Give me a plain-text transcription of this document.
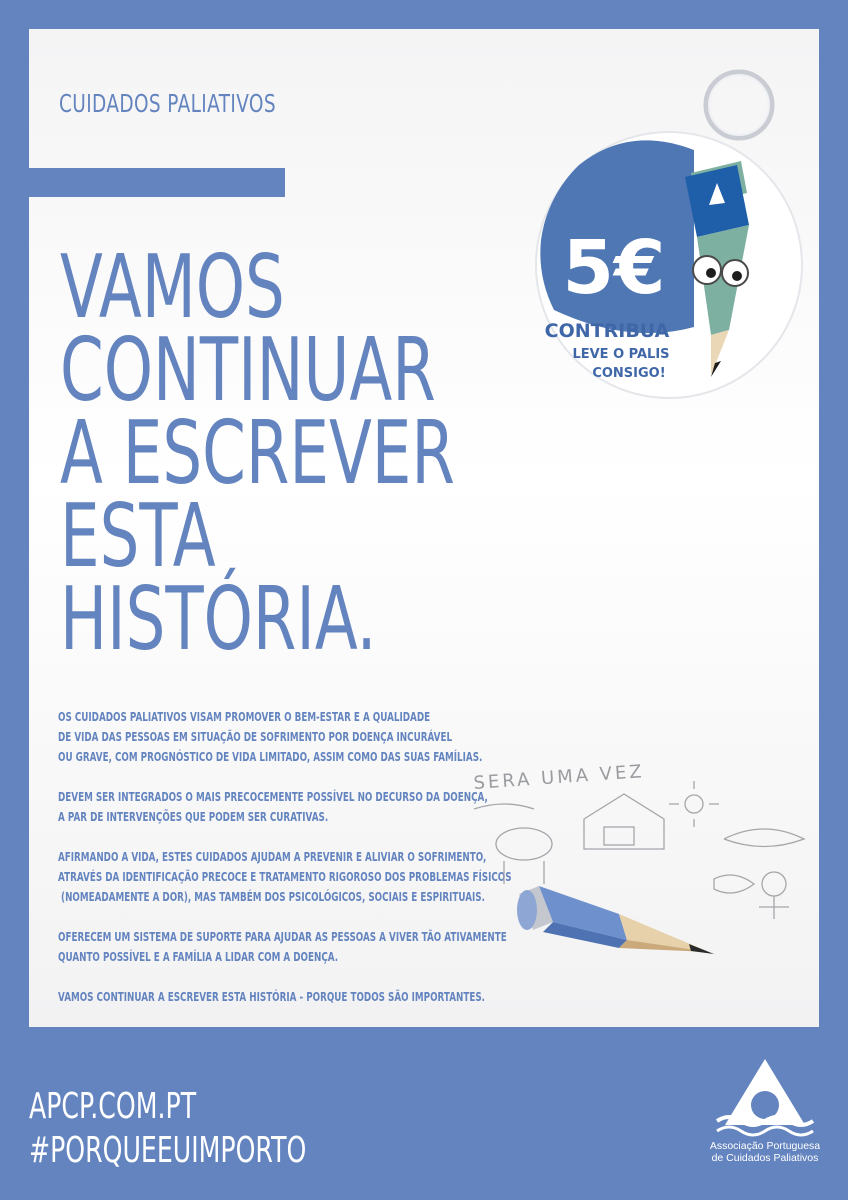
CUIDADOS PALIATIVOS
VAMOS
CONTINUAR
A ESCREVER
ESTA
HISTÓRIA.
5€
CONTRIBUA
LEVE O PALIS
CONSIGO!
OS CUIDADOS PALIATIVOS VISAM PROMOVER O BEM-ESTAR E A QUALIDADE
DE VIDA DAS PESSOAS EM SITUAÇÃO DE SOFRIMENTO POR DOENÇA INCURÁVEL
OU GRAVE, COM PROGNÓSTICO DE VIDA LIMITADO, ASSIM COMO DAS SUAS FAMÍLIAS.
DEVEM SER INTEGRADOS O MAIS PRECOCEMENTE POSSÍVEL NO DECURSO DA DOENÇA,
A PAR DE INTERVENÇÕES QUE PODEM SER CURATIVAS.
AFIRMANDO A VIDA, ESTES CUIDADOS AJUDAM A PREVENIR E ALIVIAR O SOFRIMENTO,
ATRAVÉS DA IDENTIFICAÇÃO PRECOCE E TRATAMENTO RIGOROSO DOS PROBLEMAS FÍSICOS
(NOMEADAMENTE A DOR), MAS TAMBÉM DOS PSICOLÓGICOS, SOCIAIS E ESPIRITUAIS.
OFERECEM UM SISTEMA DE SUPORTE PARA AJUDAR AS PESSOAS A VIVER TÃO ATIVAMENTE
QUANTO POSSÍVEL E A FAMÍLIA A LIDAR COM A DOENÇA.
VAMOS CONTINUAR A ESCREVER ESTA HISTÓRIA - PORQUE TODOS SÃO IMPORTANTES.
SERA UMA VEZ
APCP.COM.PT
#PORQUEEUIMPORTO	Associação Portuguesa
de Cuidados Paliativos
